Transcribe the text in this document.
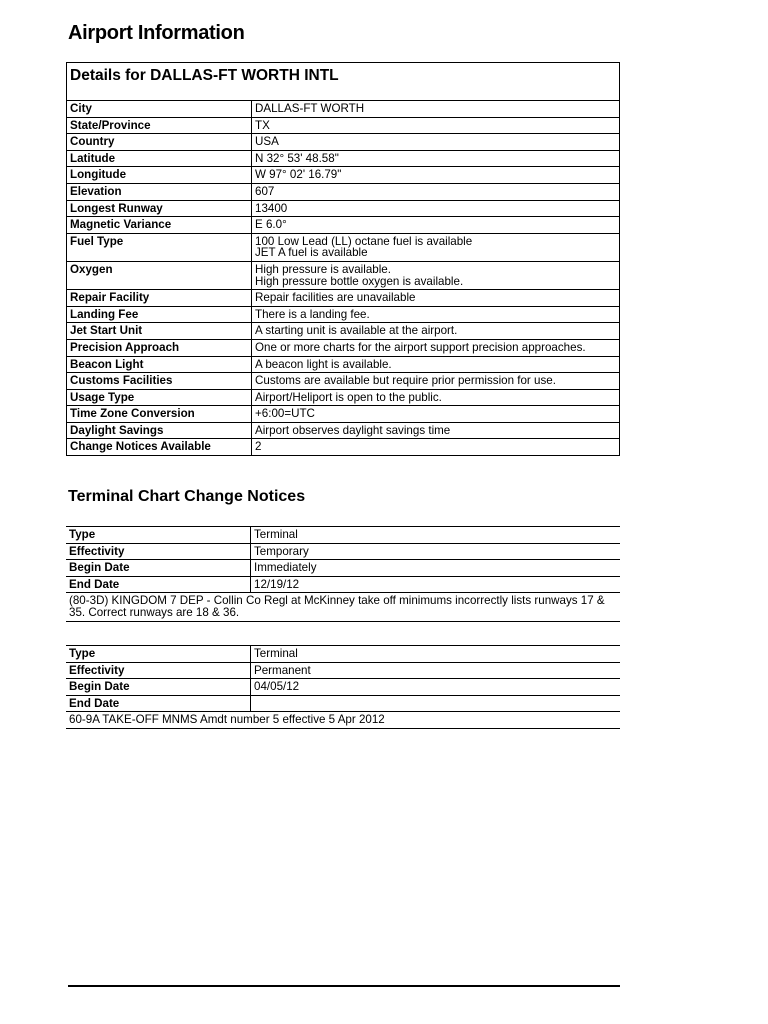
Airport Information
Details for DALLAS-FT WORTH INTL
City	DALLAS-FT WORTH
State/Province	TX
Country	USA
Latitude	N 32° 53' 48.58"
Longitude	W 97° 02' 16.79"
Elevation	607
Longest Runway	13400
Magnetic Variance	E 6.0°
Fuel Type	100 Low Lead (LL) octane fuel is available
JET A fuel is available

Oxygen	High pressure is available.
High pressure bottle oxygen is available.

Repair Facility	Repair facilities are unavailable
Landing Fee	There is a landing fee.
Jet Start Unit	A starting unit is available at the airport.
Precision Approach	One or more charts for the airport support precision approaches.
Beacon Light	A beacon light is available.
Customs Facilities	Customs are available but require prior permission for use.
Usage Type	Airport/Heliport is open to the public.
Time Zone Conversion	+6:00=UTC
Daylight Savings	Airport observes daylight savings time
Change Notices Available	2
Terminal Chart Change Notices
Type	Terminal
Effectivity	Temporary
Begin Date	Immediately
End Date	12/19/12
(80-3D) KINGDOM 7 DEP - Collin Co Regl at McKinney take off minimums incorrectly lists runways 17 &
35. Correct runways are 18 & 36.
Type	Terminal
Effectivity	Permanent
Begin Date	04/05/12
End Date	
60-9A TAKE-OFF MNMS Amdt number 5 effective 5 Apr 2012
